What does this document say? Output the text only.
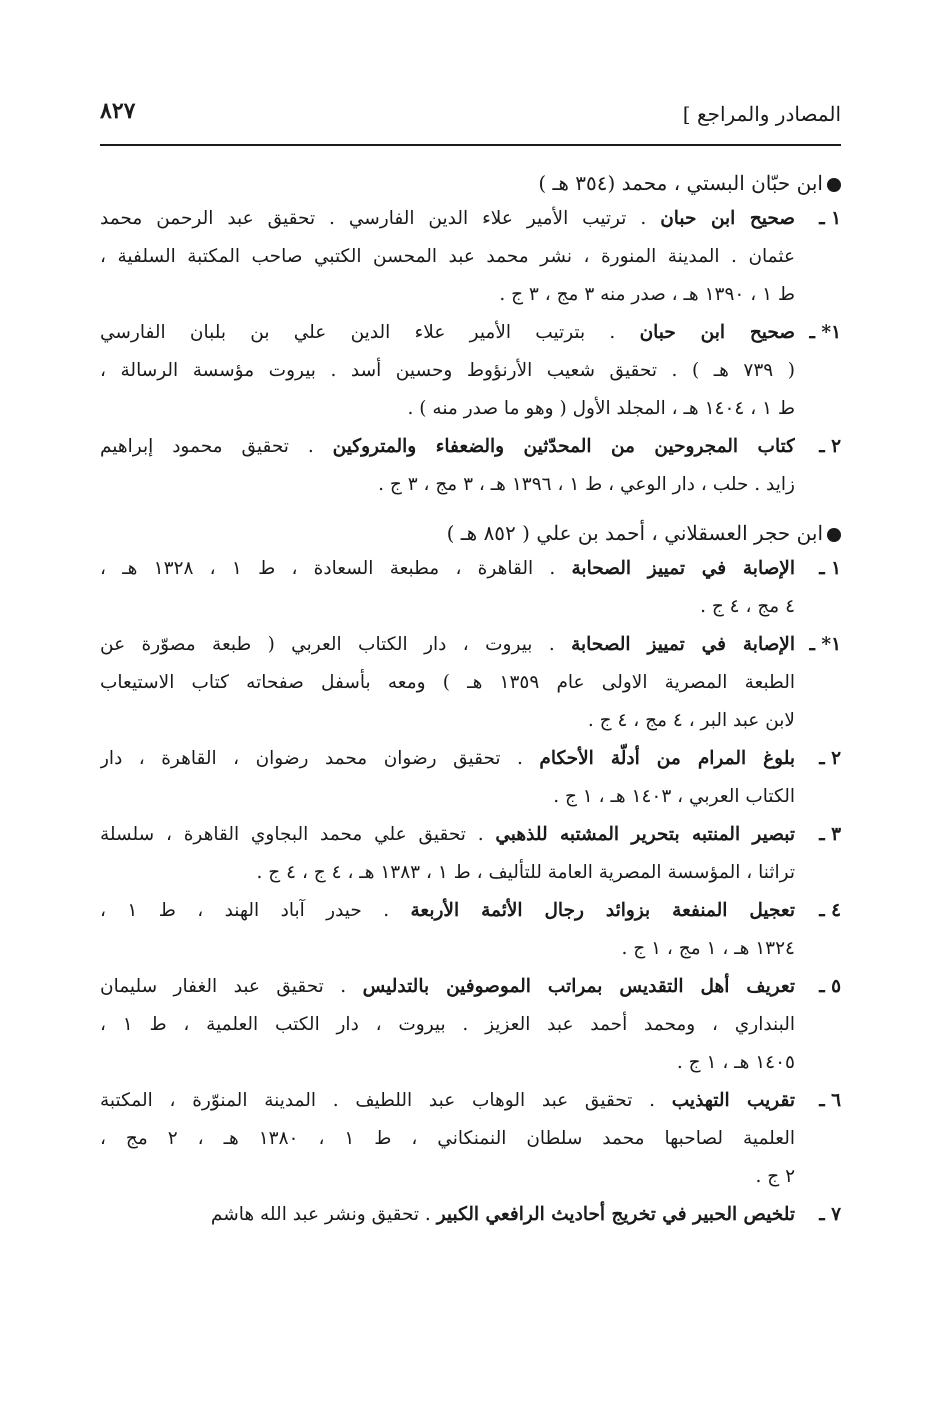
المصادر والمراجع ]
٨٢٧
ابن حبّان البستي ، محمد (٣٥٤ هـ )
١ ـ
صحيح ابن حبان . ترتيب الأمير علاء الدين الفارسي . تحقيق عبد الرحمن محمد
عثمان . المدينة المنورة ، نشر محمد عبد المحسن الكتبي صاحب المكتبة السلفية ،
ط ١ ، ١٣٩٠ هـ ، صدر منه ٣ مج ، ٣ ج .
١* ـ
صحيح ابن حبان . بترتيب الأمير علاء الدين علي بن بلبان الفارسي
( ٧٣٩ هـ ) . تحقيق شعيب الأرنؤوط وحسين أسد . بيروت مؤسسة الرسالة ،
ط ١ ، ١٤٠٤ هـ ، المجلد الأول ( وهو ما صدر منه ) .
٢ ـ
كتاب المجروحين من المحدّثين والضعفاء والمتروكين . تحقيق محمود إبراهيم
زايد . حلب ، دار الوعي ، ط ١ ، ١٣٩٦ هـ ، ٣ مج ، ٣ ج .
ابن حجر العسقلاني ، أحمد بن علي ( ٨٥٢ هـ )
١ ـ
الإصابة في تمييز الصحابة . القاهرة ، مطبعة السعادة ، ط ١ ، ١٣٢٨ هـ ،
٤ مج ، ٤ ج .
١* ـ
الإصابة في تمييز الصحابة . بيروت ، دار الكتاب العربي ( طبعة مصوّرة عن
الطبعة المصرية الاولى عام ١٣٥٩ هـ ) ومعه بأسفل صفحاته كتاب الاستيعاب
لابن عبد البر ، ٤ مج ، ٤ ج .
٢ ـ
بلوغ المرام من أدلّة الأحكام . تحقيق رضوان محمد رضوان ، القاهرة ، دار
الكتاب العربي ، ١٤٠٣ هـ ، ١ ج .
٣ ـ
تبصير المنتبه بتحرير المشتبه للذهبي . تحقيق علي محمد البجاوي القاهرة ، سلسلة
تراثنا ، المؤسسة المصرية العامة للتأليف ، ط ١ ، ١٣٨٣ هـ ، ٤ ج ، ٤ ج .
٤ ـ
تعجيل المنفعة بزوائد رجال الأئمة الأربعة . حيدر آباد الهند ، ط ١ ،
١٣٢٤ هـ ، ١ مج ، ١ ج .
٥ ـ
تعريف أهل التقديس بمراتب الموصوفين بالتدليس . تحقيق عبد الغفار سليمان
البنداري ، ومحمد أحمد عبد العزيز . بيروت ، دار الكتب العلمية ، ط ١ ،
١٤٠٥ هـ ، ١ ج .
٦ ـ
تقريب التهذيب . تحقيق عبد الوهاب عبد اللطيف . المدينة المنوّرة ، المكتبة
العلمية لصاحبها محمد سلطان النمنكاني ، ط ١ ، ١٣٨٠ هـ ، ٢ مج ،
٢ ج .
٧ ـ
تلخيص الحبير في تخريج أحاديث الرافعي الكبير . تحقيق ونشر عبد الله هاشم
